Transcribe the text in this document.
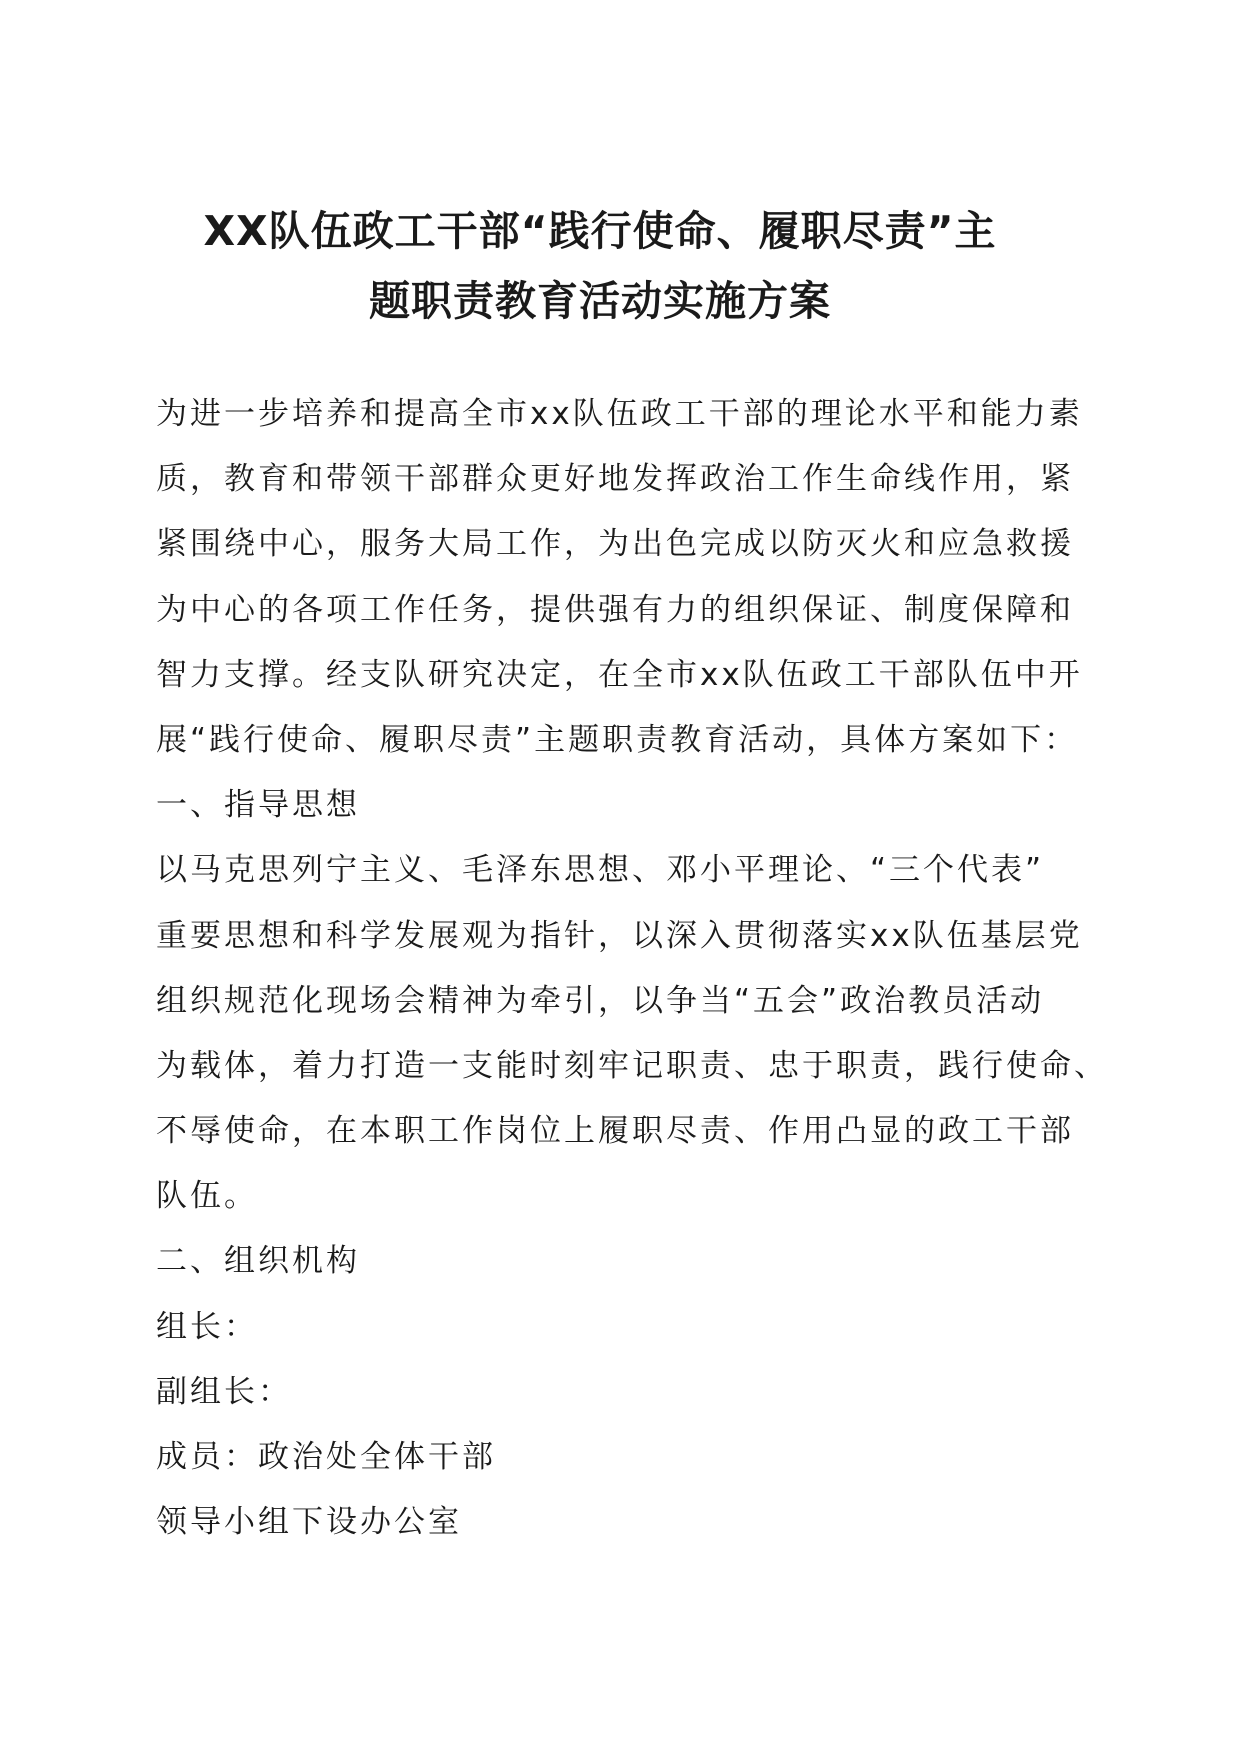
XX队伍政工干部“践行使命、履职尽责”主
题职责教育活动实施方案
为进一步培养和提高全市xx队伍政工干部的理论水平和能力素
质，教育和带领干部群众更好地发挥政治工作生命线作用，紧
紧围绕中心，服务大局工作，为出色完成以防灭火和应急救援
为中心的各项工作任务，提供强有力的组织保证、制度保障和
智力支撑。经支队研究决定，在全市xx队伍政工干部队伍中开
展“践行使命、履职尽责”主题职责教育活动，具体方案如下：
一、指导思想
以马克思列宁主义、毛泽东思想、邓小平理论、“三个代表”
重要思想和科学发展观为指针，以深入贯彻落实xx队伍基层党
组织规范化现场会精神为牵引，以争当“五会”政治教员活动
为载体，着力打造一支能时刻牢记职责、忠于职责，践行使命、
不辱使命，在本职工作岗位上履职尽责、作用凸显的政工干部
队伍。
二、组织机构
组长：
副组长：
成员：政治处全体干部
领导小组下设办公室
